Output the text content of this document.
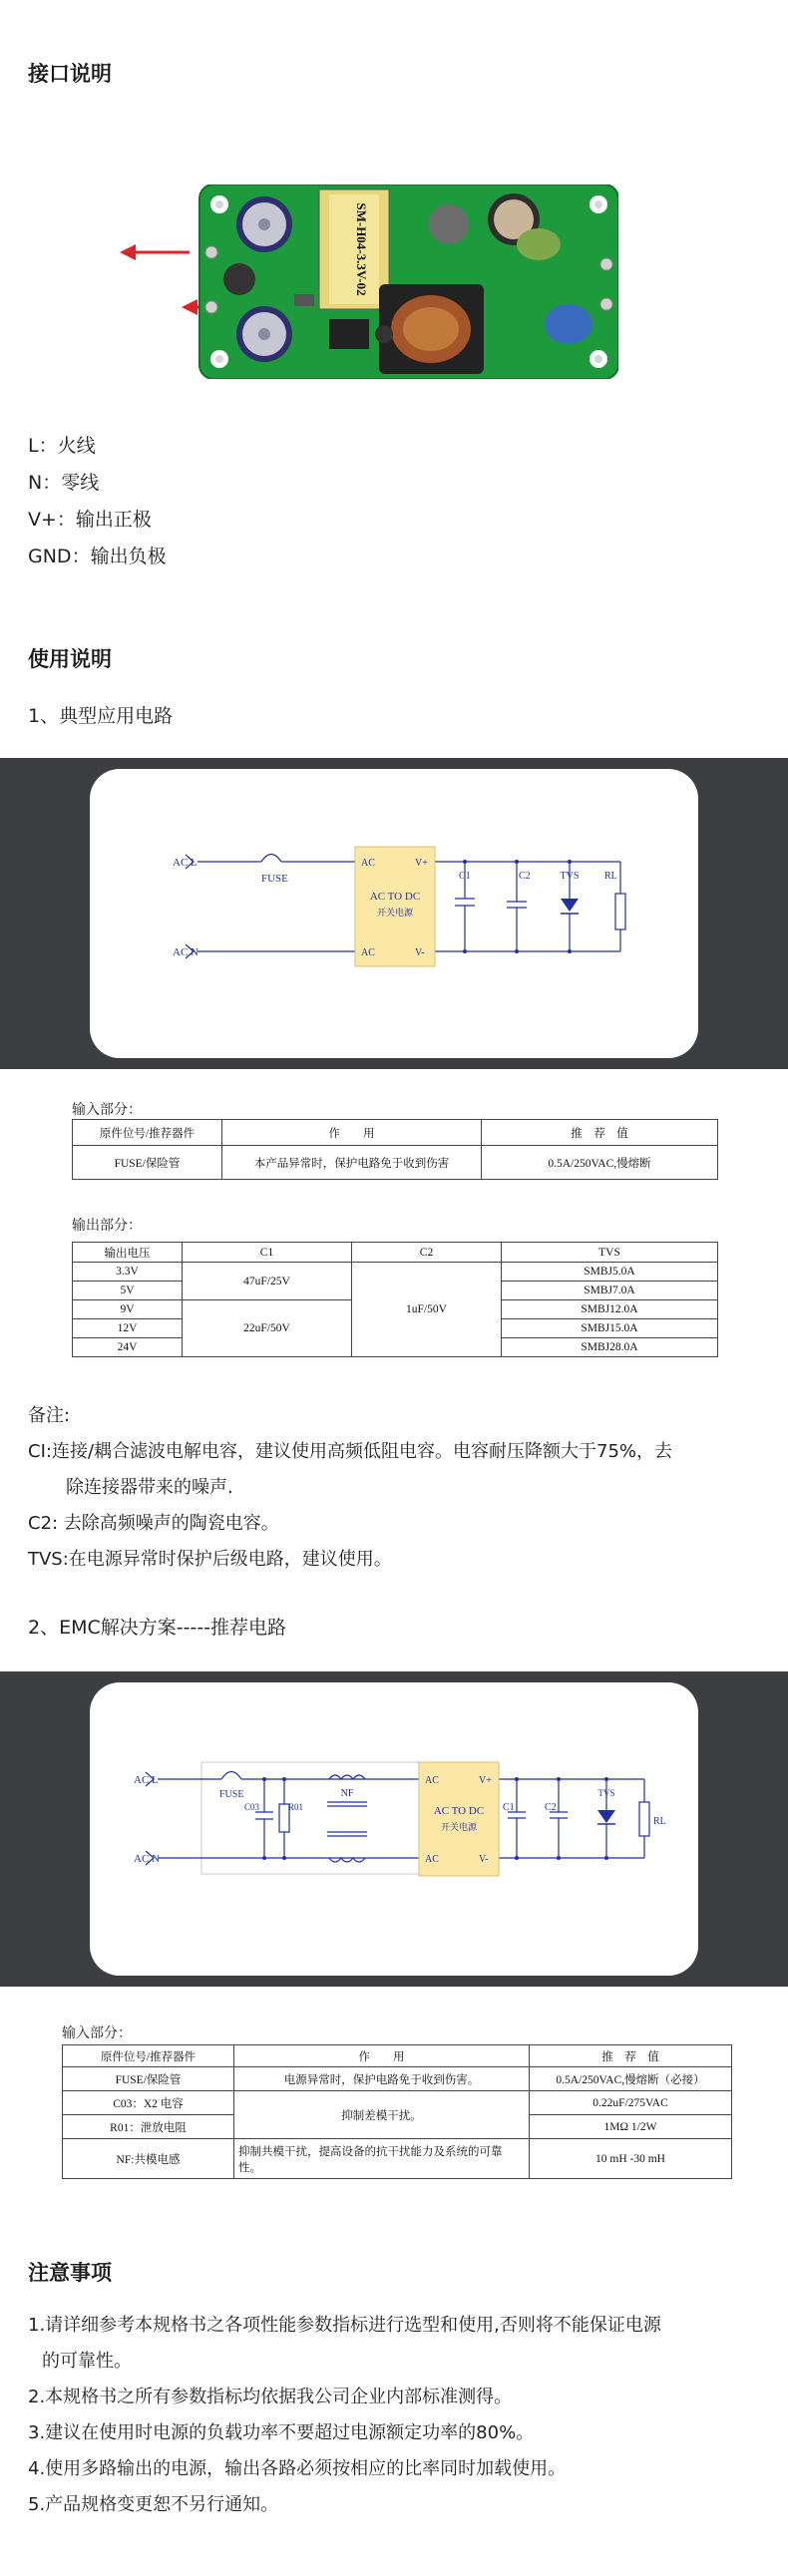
接口说明
SM-H04-3.3V-02
L：火线
N：零线
V+：输出正极
GND：输出负极
使用说明
1、典型应用电路
AC L
AC N
FUSE
AC
AC
V+
V-
AC TO DC
开关电源
C1	C2	TVS	RL
输入部分：
原件位号/推荐器件	作　　用	推　荐　值
FUSE/保险管	本产品异常时，保护电路免于收到伤害	0.5A/250VAC,慢熔断
输出部分：
输出电压	C1	C2	TVS
3.3V	47uF/25V	1uF/50V	SMBJ5.0A
5V			SMBJ7.0A
9V	22uF/50V		SMBJ12.0A
12V			SMBJ15.0A
24V			SMBJ28.0A
备注:
CI:连接/耦合滤波电解电容，建议使用高频低阻电容。电容耐压降额大于75%，去
除连接器带来的噪声.
C2: 去除高频噪声的陶瓷电容。
TVS:在电源异常时保护后级电路，建议使用。
2、EMC解决方案-----推荐电路
AC L
AC N
FUSE
C03	R01
NF
AC
AC
V+
V-
AC TO DC
开关电源
C1	C2
TVS
RL
输入部分：
原件位号/推荐器件	作　　用	推　荐　值
FUSE/保险管	电源异常时，保护电路免于收到伤害。	0.5A/250VAC,慢熔断（必接）
C03：X2 电容	抑制差模干扰。	0.22uF/275VAC
R01：泄放电阻		1MΩ 1/2W
NF:共模电感	抑制共模干扰，提高设备的抗干扰能力及系统的可靠性。	10 mH -30 mH
注意事项
1.请详细参考本规格书之各项性能参数指标进行选型和使用,否则将不能保证电源
的可靠性。
2.本规格书之所有参数指标均依据我公司企业内部标准测得。
3.建议在使用时电源的负载功率不要超过电源额定功率的80%。
4.使用多路输出的电源，输出各路必须按相应的比率同时加载使用。
5.产品规格变更恕不另行通知。
